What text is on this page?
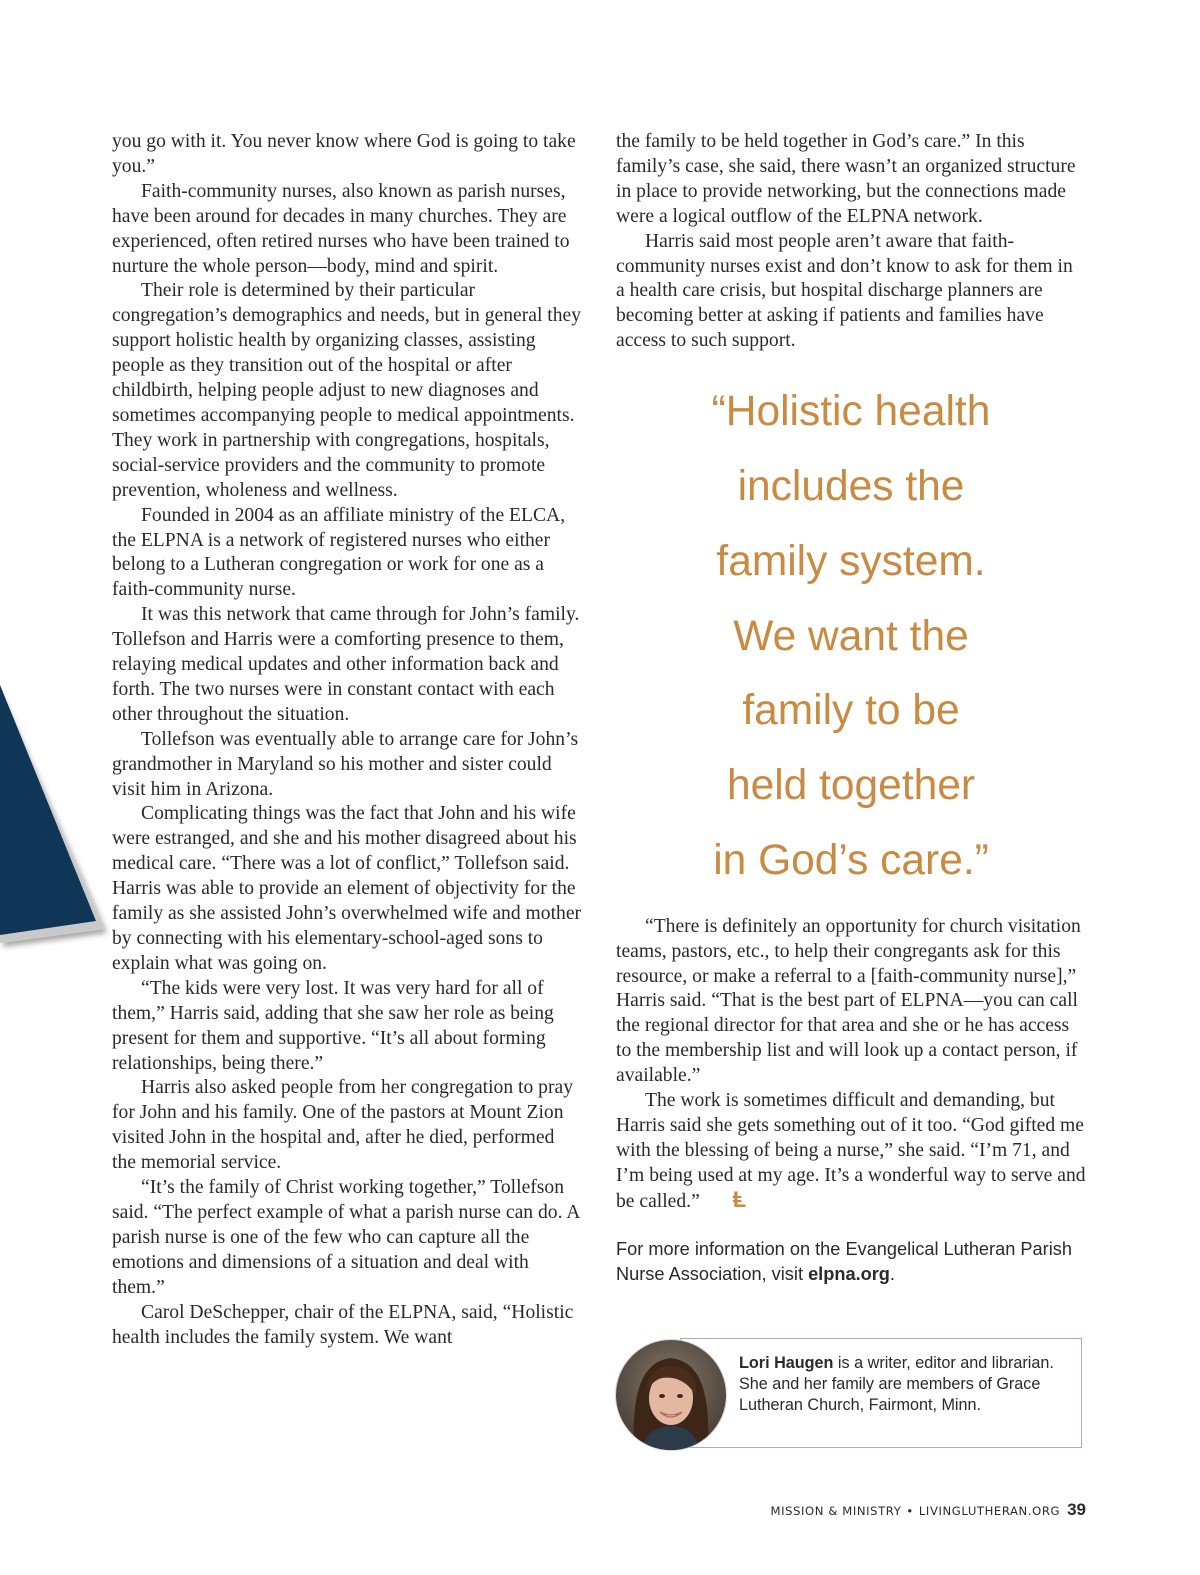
you go with it. You never know where God is going to take you.”

Faith-community nurses, also known as parish nurses, have been around for decades in many churches. They are experienced, often retired nurses who have been trained to nurture the whole person—body, mind and spirit.

Their role is determined by their particular congregation’s demographics and needs, but in general they support holistic health by organizing classes, assisting people as they transition out of the hospital or after childbirth, helping people adjust to new diagnoses and sometimes accompanying people to medical appointments. They work in partnership with congregations, hospitals, social-service providers and the community to promote prevention, wholeness and wellness.

Founded in 2004 as an affiliate ministry of the ELCA, the ELPNA is a network of registered nurses who either belong to a Lutheran congregation or work for one as a faith-community nurse.

It was this network that came through for John’s family. Tollefson and Harris were a comforting presence to them, relaying medical updates and other information back and forth. The two nurses were in constant contact with each other throughout the situation.

Tollefson was eventually able to arrange care for John’s grandmother in Maryland so his mother and sister could visit him in Arizona.

Complicating things was the fact that John and his wife were estranged, and she and his mother disagreed about his medical care. “There was a lot of conflict,” Tollefson said. Harris was able to provide an element of objectivity for the family as she assisted John’s overwhelmed wife and mother by connecting with his elementary-school-aged sons to explain what was going on.

“The kids were very lost. It was very hard for all of them,” Harris said, adding that she saw her role as being present for them and supportive. “It’s all about forming relationships, being there.”

Harris also asked people from her congregation to pray for John and his family. One of the pastors at Mount Zion visited John in the hospital and, after he died, performed the memorial service.

“It’s the family of Christ working together,” Tollefson said. “The perfect example of what a parish nurse can do. A parish nurse is one of the few who can capture all the emotions and dimensions of a situation and deal with them.”

Carol DeSchepper, chair of the ELPNA, said, “Holistic health includes the family system. We want

the family to be held together in God’s care.” In this family’s case, she said, there wasn’t an organized structure in place to provide networking, but the connections made were a logical outflow of the ELPNA network.

Harris said most people aren’t aware that faith-community nurses exist and don’t know to ask for them in a health care crisis, but hospital discharge planners are becoming better at asking if patients and families have access to such support.

“Holistic health
includes the
family system.
We want the
family to be
held together
in God’s care.”

“There is definitely an opportunity for church visitation teams, pastors, etc., to help their congregants ask for this resource, or make a referral to a [faith-community nurse],” Harris said. “That is the best part of ELPNA—you can call the regional director for that area and she or he has access to the membership list and will look up a contact person, if available.”

The work is sometimes difficult and demanding, but Harris said she gets something out of it too. “God gifted me with the blessing of being a nurse,” she said. “I’m 71, and I’m being used at my age. It’s a wonderful way to serve and be called.” Ⱡ

For more information on the Evangelical Lutheran Parish Nurse Association, visit elpna.org.
Lori Haugen is a writer, editor and librarian. She and her family are members of Grace Lutheran Church, Fairmont, Minn.
MISSION & MINISTRY • LIVINGLUTHERAN.ORG 39
